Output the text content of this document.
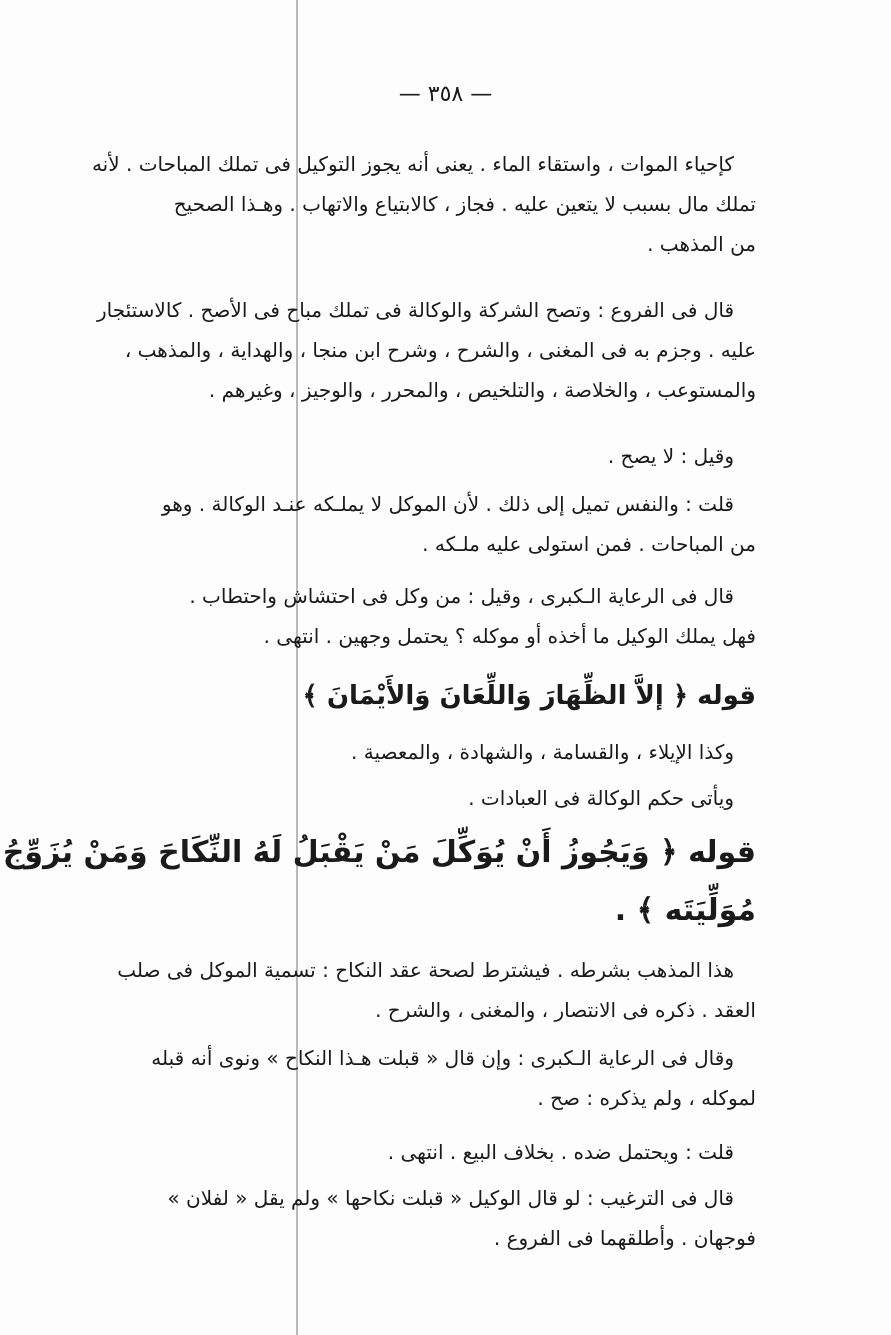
— ٣٥٨ —
كإحياء الموات ، واستقاء الماء . يعنى أنه يجوز التوكيل فى تملك المباحات . لأنه
تملك مال بسبب لا يتعين عليه . فجاز ، كالابتياع والاتهاب . وهـذا الصحيح
من المذهب .
قال فى الفروع : وتصح الشركة والوكالة فى تملك مباح فى الأصح . كالاستئجار
عليه . وجزم به فى المغنى ، والشرح ، وشرح ابن منجا ، والهداية ، والمذهب ،
والمستوعب ، والخلاصة ، والتلخيص ، والمحرر ، والوجيز ، وغيرهم .
وقيل : لا يصح .
قلت : والنفس تميل إلى ذلك . لأن الموكل لا يملـكه عنـد الوكالة . وهو
من المباحات . فمن استولى عليه ملـكه .
قال فى الرعاية الـكبرى ، وقيل : من وكل فى احتشاش واحتطاب .
فهل يملك الوكيل ما أخذه أو موكله ؟ يحتمل وجهين . انتهى .
قوله ﴿ إلاَّ الظِّهَارَ وَاللِّعَانَ وَالأَيْمَانَ ﴾
وكذا الإيلاء ، والقسامة ، والشهادة ، والمعصية .
ويأتى حكم الوكالة فى العبادات .
قوله ﴿ وَيَجُوزُ أَنْ يُوَكِّلَ مَنْ يَقْبَلُ لَهُ النِّكَاحَ وَمَنْ يُزَوِّجُ
مُوَلِّيَتَه ﴾ .
هذا المذهب بشرطه . فيشترط لصحة عقد النكاح : تسمية الموكل فى صلب
العقد . ذكره فى الانتصار ، والمغنى ، والشرح .
وقال فى الرعاية الـكبرى : وإن قال « قبلت هـذا النكاح » ونوى أنه قبله
لموكله ، ولم يذكره : صح .
قلت : ويحتمل ضده . بخلاف البيع . انتهى .
قال فى الترغيب : لو قال الوكيل « قبلت نكاحها » ولم يقل « لفلان »
فوجهان . وأطلقهما فى الفروع .
